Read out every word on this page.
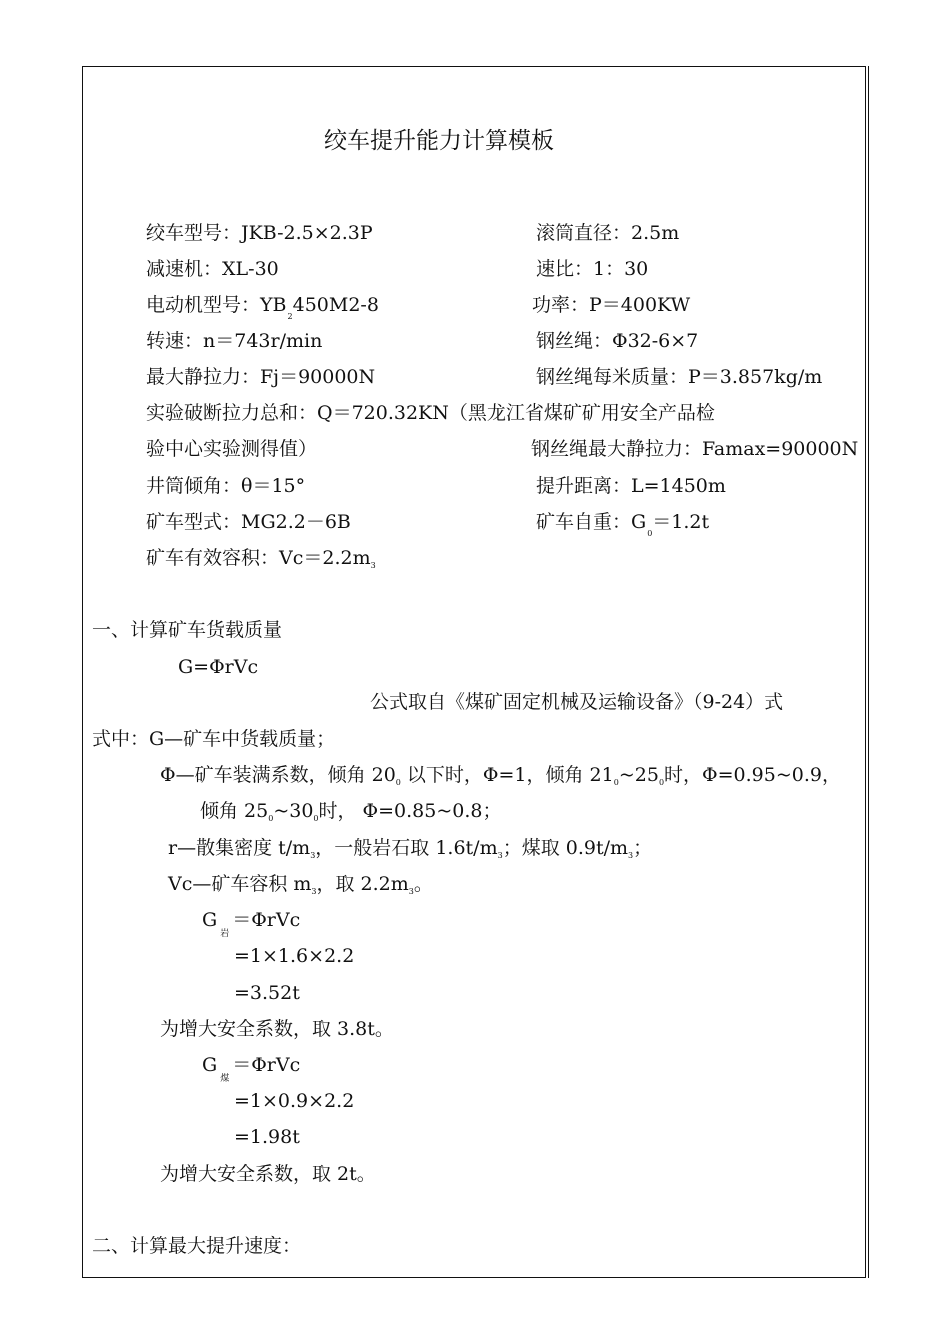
绞车提升能力计算模板
绞车型号：JKB-2.5×2.3P	滚筒直径：2.5m
减速机：XL-30	速比：1：30
电动机型号：$YB_2450M2-8$	功率：P＝400KW
转速：n＝743r/min	钢丝绳：Φ32-6×7
最大静拉力：Fj＝90000N	钢丝绳每米质量：P＝3.857kg/m
实验破断拉力总和：Q＝720.32KN（黑龙江省煤矿矿用安全产品检
验中心实验测得值）	钢丝绳最大静拉力：Famax=90000N
井筒倾角：θ＝15°	提升距离：L=1450m
矿车型式：MG2.2－6B	矿车自重：$G_0=1.2t$
矿车有效容积：$Vc=2.2m_3$
一、计算矿车货载质量
G=ΦrVc
公式取自《煤矿固定机械及运输设备》（9-24）式
式中：G—矿车中货载质量；
Φ—矿车装满系数，倾角 $20_0$ 以下时，Φ=1，倾角 $21_0\sim 25_0$时，Φ=0.95~0.9，
倾角 $25_0\sim 30_0$时， Φ=0.85~0.8；
r—散集密度 $t/m_3$，一般岩石取 $1.6t/m_3$；煤取 $0.9t/m_3$；
Vc—矿车容积 $m_3$，取 $2.2m_3$。
$G_岩=\Phi rVc$
=1×1.6×2.2
=3.52t
为增大安全系数，取 3.8t。
$G_煤=\Phi rVc$
=1×0.9×2.2
=1.98t
为增大安全系数，取 2t。
二、计算最大提升速度：
